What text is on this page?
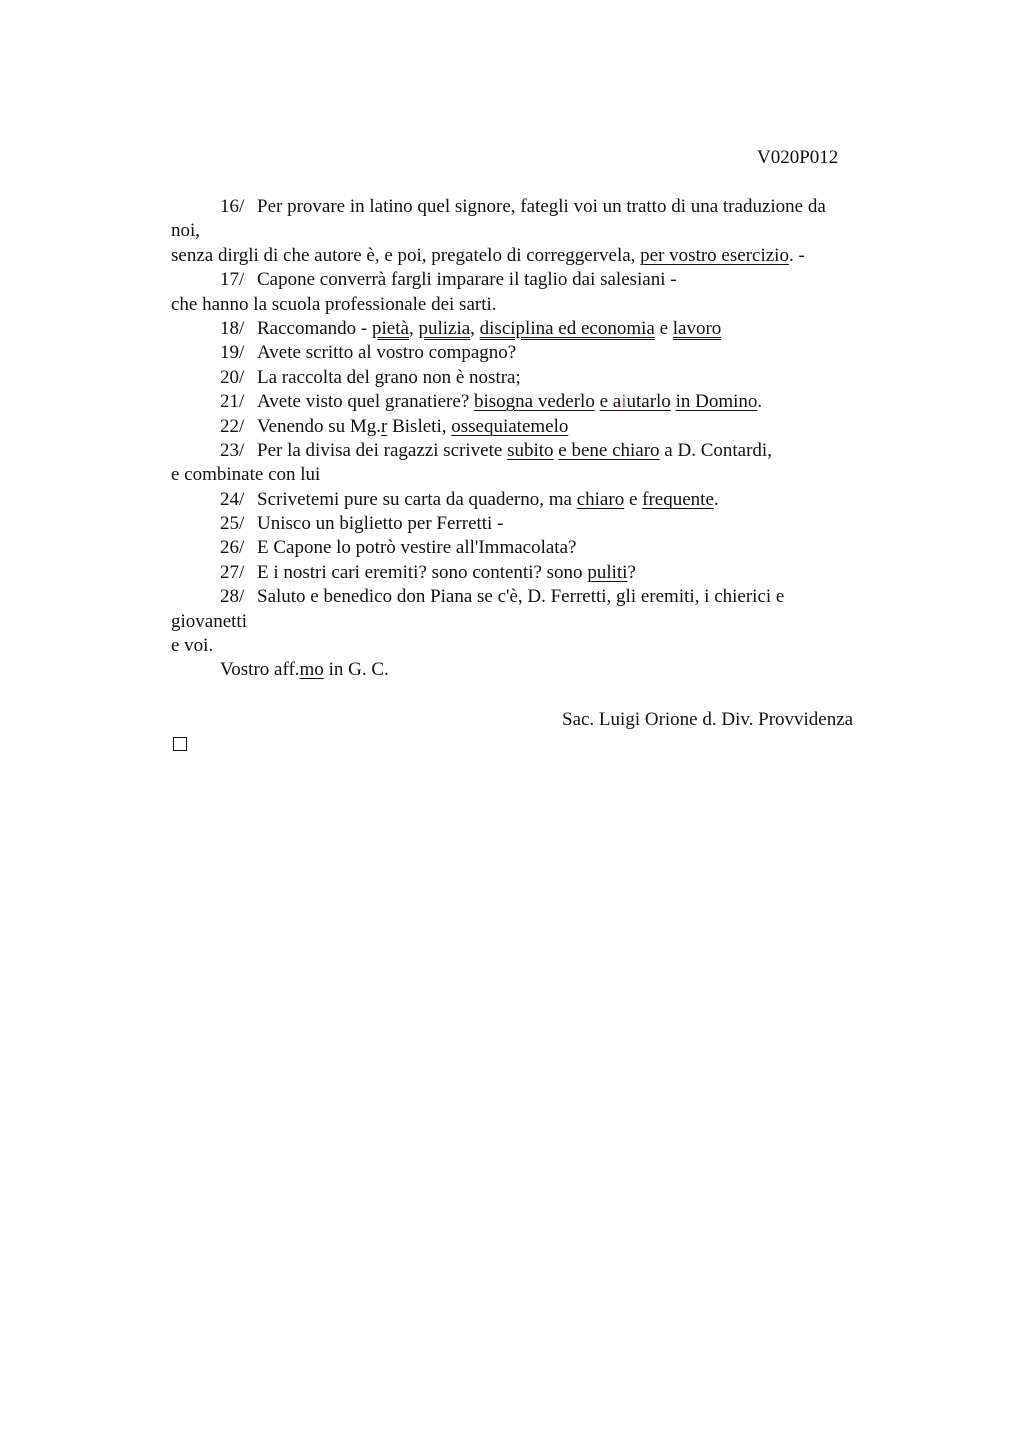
V020P012
16/ Per provare in latino quel signore, fategli voi un tratto di una traduzione da
noi,
senza dirgli di che autore è, e poi, pregatelo di correggervela, per vostro esercizio. -
17/ Capone converrà fargli imparare il taglio dai salesiani -
che hanno la scuola professionale dei sarti.
18/ Raccomando - pietà, pulizia, disciplina ed economia e lavoro
19/ Avete scritto al vostro compagno?
20/ La raccolta del grano non è nostra;
21/ Avete visto quel granatiere? bisogna vederlo e aiutarlo in Domino.
22/ Venendo su Mg.r Bisleti, ossequiatemelo
23/ Per la divisa dei ragazzi scrivete subito e bene chiaro a D. Contardi,
e combinate con lui
24/ Scrivetemi pure su carta da quaderno, ma chiaro e frequente.
25/ Unisco un biglietto per Ferretti -
26/ E Capone lo potrò vestire all'Immacolata?
27/ E i nostri cari eremiti? sono contenti? sono puliti?
28/ Saluto e benedico don Piana se c'è, D. Ferretti, gli eremiti, i chierici e
giovanetti
e voi.
Vostro aff.mo in G. C.
Sac. Luigi Orione d. Div. Provvidenza
